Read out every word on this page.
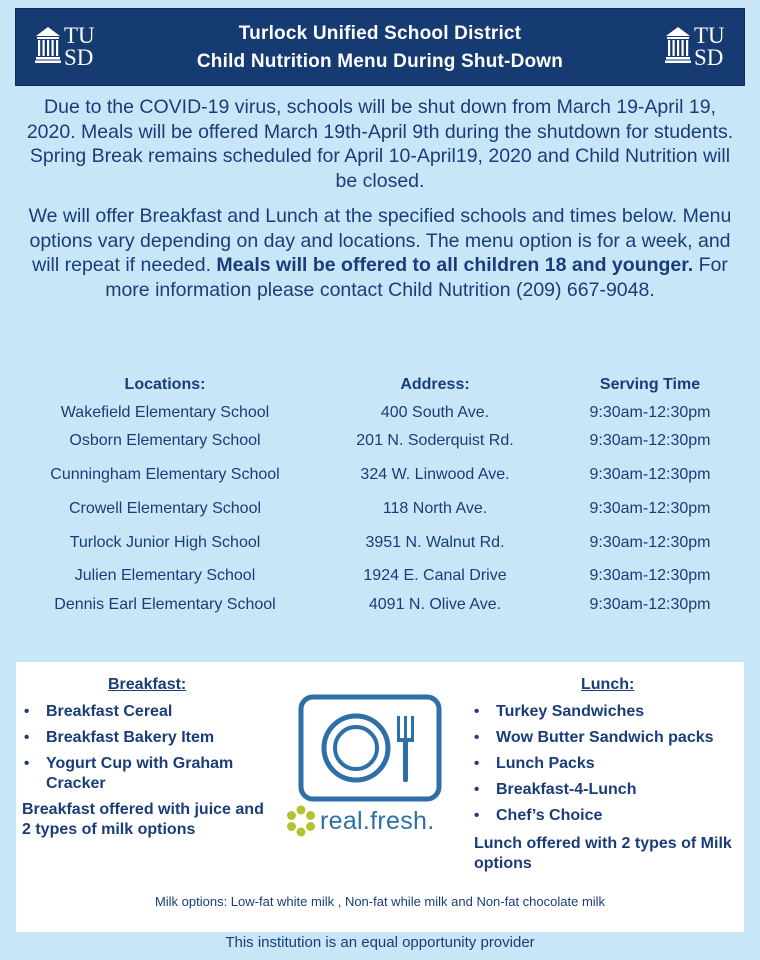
TU
SD
Turlock Unified School District
Child Nutrition Menu During Shut-Down
TU
SD
Due to the COVID-19 virus, schools will be shut down from March 19-April 19, 2020. Meals will be offered March 19th-April 9th during the shutdown for students. Spring Break remains scheduled for April 10-April19, 2020 and Child Nutrition will be closed.
We will offer Breakfast and Lunch at the specified schools and times below. Menu options vary depending on day and locations. The menu option is for a week, and will repeat if needed. Meals will be offered to all children 18 and younger. For more information please contact Child Nutrition (209) 667-9048.
Locations:	Address:	Serving Time
Wakefield Elementary School	400 South Ave.	9:30am-12:30pm
Osborn Elementary School	201 N. Soderquist Rd.	9:30am-12:30pm
Cunningham Elementary School	324 W. Linwood Ave.	9:30am-12:30pm
Crowell Elementary School	118 North Ave.	9:30am-12:30pm
Turlock Junior High School	3951 N. Walnut Rd.	9:30am-12:30pm
Julien Elementary School	1924 E. Canal Drive	9:30am-12:30pm
Dennis Earl Elementary School	4091 N. Olive Ave.	9:30am-12:30pm
Breakfast:
• Breakfast Cereal
• Breakfast Bakery Item
• Yogurt Cup with Graham Cracker
Breakfast offered with juice and 2 types of milk options	real.fresh.
Lunch:
• Turkey Sandwiches
• Wow Butter Sandwich packs
• Lunch Packs
• Breakfast-4-Lunch
• Chef’s Choice
Lunch offered with 2 types of Milk options
Milk options: Low-fat white milk , Non-fat while milk and Non-fat chocolate milk
This institution is an equal opportunity provider
